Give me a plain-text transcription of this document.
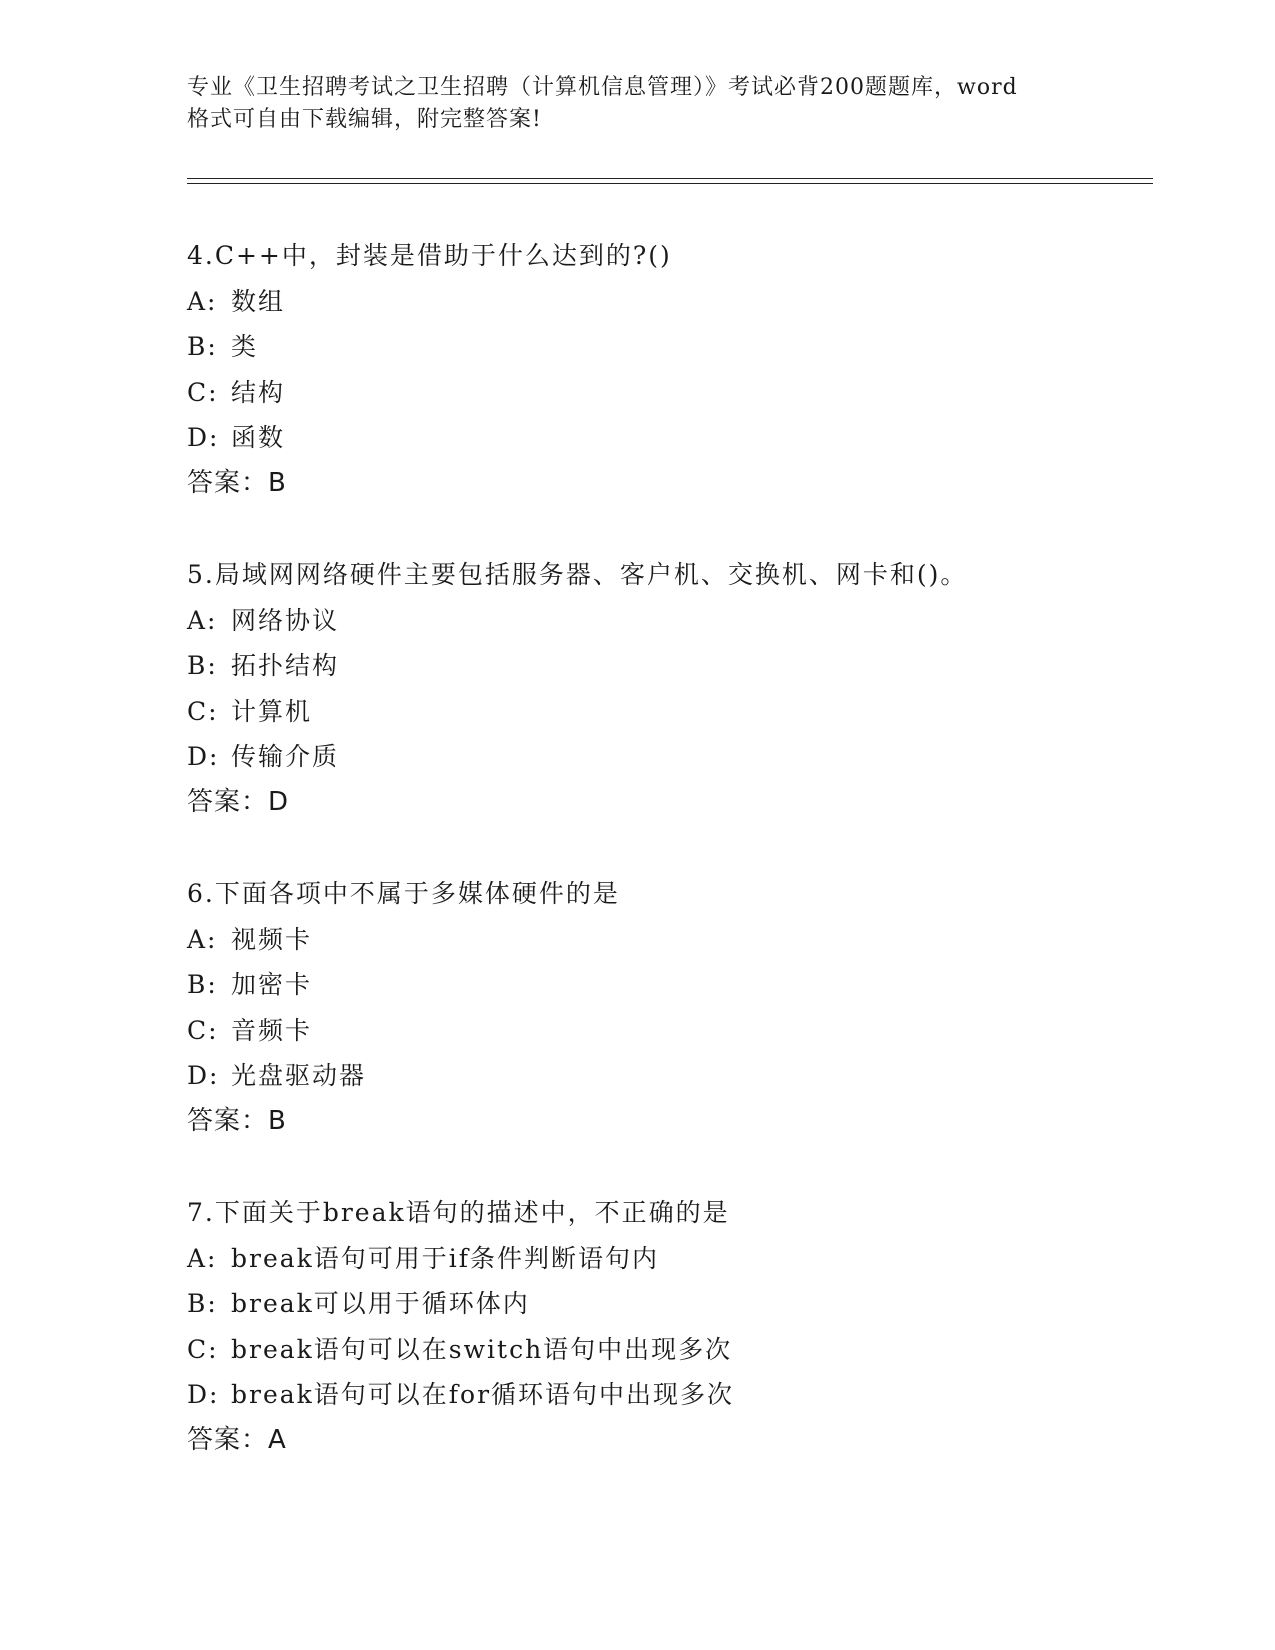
专业《卫生招聘考试之卫生招聘（计算机信息管理）》考试必背200题题库，word
格式可自由下载编辑，附完整答案!
4.C++中，封装是借助于什么达到的?()
A: 数组
B: 类
C: 结构
D: 函数
答案：B
5.局域网网络硬件主要包括服务器、客户机、交换机、网卡和()。
A: 网络协议
B: 拓扑结构
C: 计算机
D: 传输介质
答案：D
6.下面各项中不属于多媒体硬件的是
A: 视频卡
B: 加密卡
C: 音频卡
D: 光盘驱动器
答案：B
7.下面关于break语句的描述中，不正确的是
A: break语句可用于if条件判断语句内
B: break可以用于循环体内
C: break语句可以在switch语句中出现多次
D: break语句可以在for循环语句中出现多次
答案：A
